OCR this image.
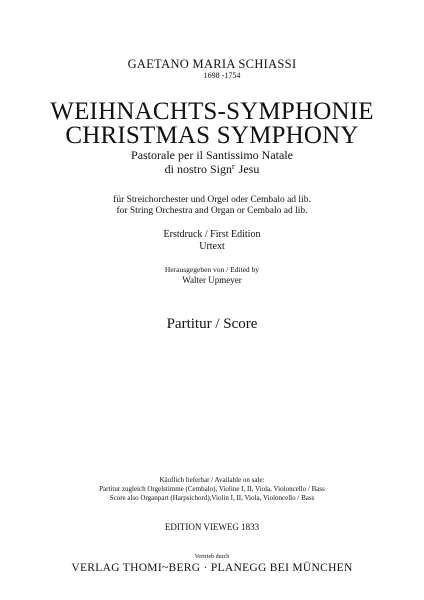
GAETANO MARIA SCHIASSI
1698 -1754
WEIHNACHTS-SYMPHONIE
CHRISTMAS SYMPHONY
Pastorale per il Santissimo Natale
di nostro Sign$^r$ Jesu
für Streichorchester und Orgel oder Cembalo ad lib.
for String Orchestra and Organ or Cembalo ad lib.
Erstdruck / First Edition
Urtext
Herausgegeben von / Edited by
Walter Upmeyer
Partitur / Score
Käuflich lieferbar / Available on sale:
Partitur zugleich Orgelstimme (Cembalo), Violine I, II, Viola, Violoncello / Bass
Score also Organpart (Harpsichord),Violin I, II, Viola, Violoncello / Bass
EDITION VIEWEG 1833
Vertrieb durch
VERLAG THOMI~BERG · PLANEGG BEI MÜNCHEN
